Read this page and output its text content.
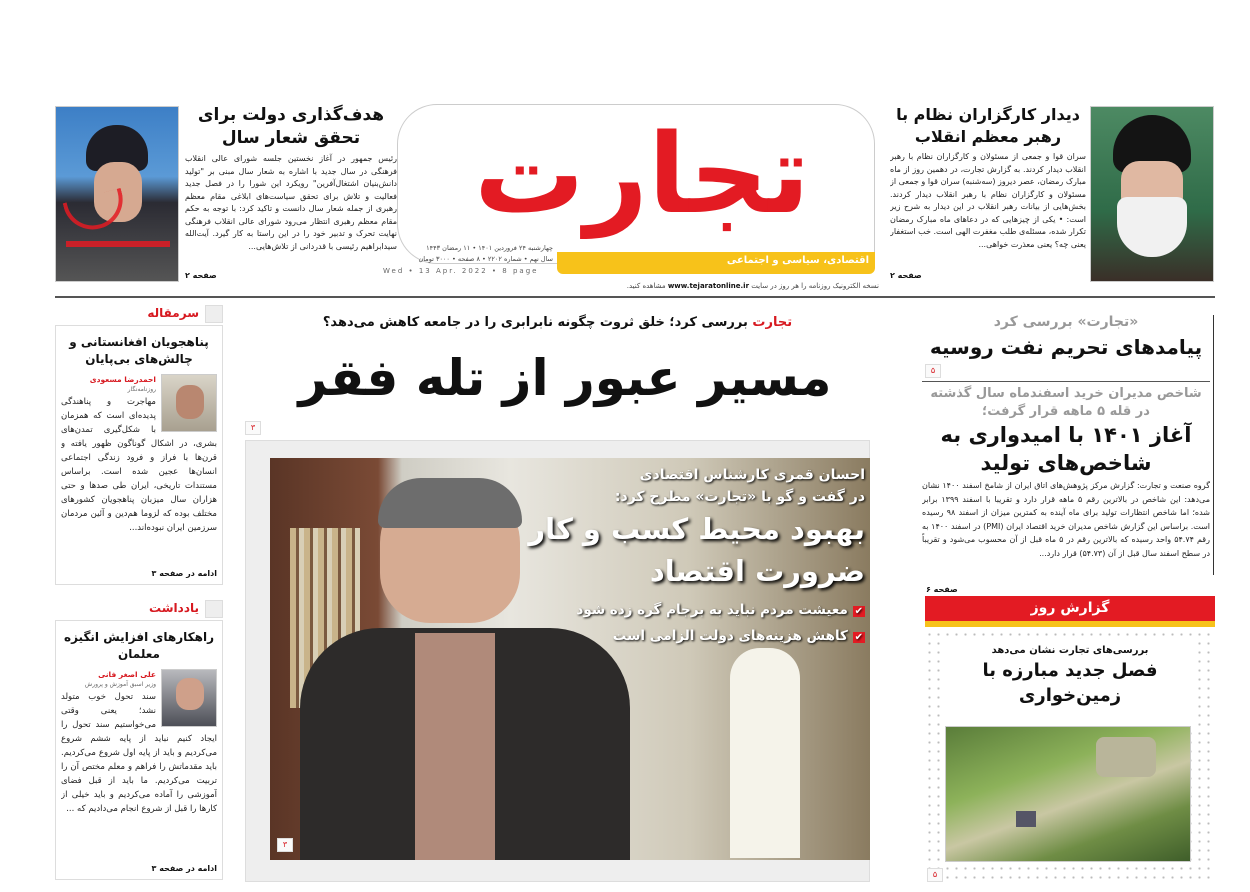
هدف‌گذاری دولت برای تحقق شعار سال
رئیس جمهور در آغاز نخستین جلسه شورای عالی انقلاب فرهنگی در سال جدید با اشاره به شعار سال مبنی بر "تولید دانش‌بنیان اشتغال‌آفرین" رویکرد این شورا را در فصل جدید فعالیت و تلاش برای تحقق سیاست‌های ابلاغی مقام معظم رهبری از جمله شعار سال دانست و تاکید کرد: با توجه به حکم مقام معظم رهبری انتظار می‌رود شورای عالی انقلاب فرهنگی نهایت تحرک و تدبیر خود را در این راستا به کار گیرد. آیت‌الله سیدابراهیم رئیسی با قدردانی از تلاش‌هایی...
صفحه ۲
اقتصادی، سیاسی و اجتماعی
تجارت
چهارشنبه ۲۴ فروردین ۱۴۰۱ • ۱۱ رمضان ۱۴۴۳
سال نهم • شماره ۲۲۰۲ • ۸ صفحه • ۳۰۰۰ تومان
Wed • 13 Apr. 2022 • 8 page
نسخه الکترونیک روزنامه را هر روز در سایت www.tejaratonline.ir مشاهده کنید.
دیدار کارگزاران نظام با رهبر معظم انقلاب
سران قوا و جمعی از مسئولان و کارگزاران نظام با رهبر انقلاب دیدار کردند. به گزارش تجارت، در دهمین روز از ماه مبارک رمضان، عصر دیروز (سه‌شنبه) سران قوا و جمعی از مسئولان و کارگزاران نظام با رهبر انقلاب دیدار کردند. بخش‌هایی از بیانات رهبر انقلاب در این دیدار به شرح زیر است: • یکی از چیزهایی که در دعاهای ماه مبارک رمضان تکرار شده، مسئله‌ی طلب مغفرت الهی است. خب استغفار یعنی چه؟ یعنی معذرت خواهی...
صفحه ۲
سرمقاله
پناهجویان افغانستانی و چالش‌های بی‌پایان
احمدرضا مسعودی
روزنامه‌نگار
مهاجرت و پناهندگی پدیده‌ای است که همزمان با شکل‌گیری تمدن‌های بشری، در اشکال گوناگون ظهور یافته و قرن‌ها با فراز و فرود زندگی اجتماعی انسان‌ها عجین شده است. براساس مستندات تاریخی، ایران طی صدها و حتی هزاران سال میزبان پناهجویان کشورهای مختلف بوده که لزوما هم‌دین و آئین مردمان سرزمین ایران نبوده‌اند...
ادامه در صفحه ۳
یادداشت
راهکارهای افزایش انگیزه معلمان
علی اصغر فانی
وزیر اسبق آموزش و پرورش
سند تحول خوب متولد نشد؛ یعنی وقتی می‌خواستیم سند تحول را ایجاد کنیم نباید از پایه ششم شروع می‌کردیم و باید از پایه اول شروع می‌کردیم. باید مقدماتش را فراهم و معلم مختص آن را تربیت می‌کردیم. ما باید از قبل فضای آموزشی را آماده می‌کردیم و باید خیلی از کارها را قبل از شروع انجام می‌دادیم که ...
ادامه در صفحه ۳
تجارت بررسی کرد؛ خلق ثروت چگونه نابرابری را در جامعه کاهش می‌دهد؟
مسیر عبور از تله فقر
۳
احسان قمری کارشناس اقتصادی
در گفت و گو با «تجارت» مطرح کرد:
بهبود محیط کسب و کار
ضرورت اقتصاد
✔ معیشت مردم نباید به برجام گره زده شود
✔ کاهش هزینه‌های دولت الزامی است
۳
«تجارت» بررسی کرد
پیامدهای تحریم نفت روسیه
۵
شاخص مدیران خرید اسفندماه سال گذشته در قله ۵ ماهه قرار گرفت؛
آغاز ۱۴۰۱ با امیدواری به شاخص‌های تولید
گروه صنعت و تجارت: گزارش مرکز پژوهش‌های اتاق ایران از شامخ اسفند ۱۴۰۰ نشان می‌دهد: این شاخص در بالاترین رقم ۵ ماهه قرار دارد و تقریبا با اسفند ۱۳۹۹ برابر شده؛ اما شاخص انتظارات تولید برای ماه آینده به کمترین میزان از اسفند ۹۸ رسیده است. براساس این گزارش شاخص مدیران خرید اقتصاد ایران (PMI) در اسفند ۱۴۰۰ به رقم ۵۴.۷۴ واحد رسیده که بالاترین رقم در ۵ ماه قبل از آن محسوب می‌شود و تقریباً در سطح اسفند سال قبل از آن (۵۴.۷۳) قرار دارد...
صفحه ۶
گزارش روز
بررسی‌های تجارت نشان می‌دهد
فصل جدید مبارزه با زمین‌خواری
۵
